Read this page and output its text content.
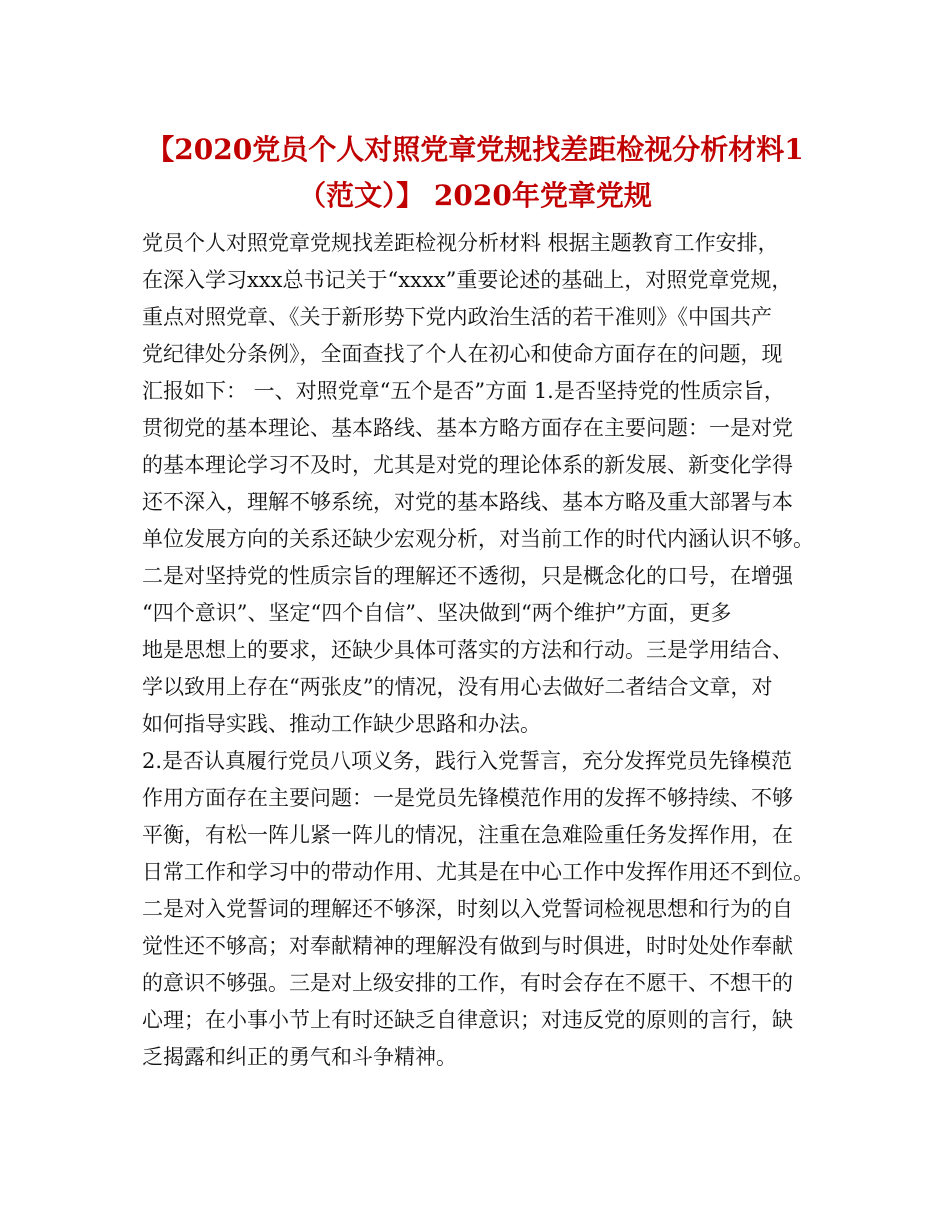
【2020党员个人对照党章党规找差距检视分析材料1
（范文）】 2020年党章党规
党员个人对照党章党规找差距检视分析材料 根据主题教育工作安排，
在深入学习xxx总书记关于“xxxx”重要论述的基础上，对照党章党规，
重点对照党章、《关于新形势下党内政治生活的若干准则》《中国共产
党纪律处分条例》，全面查找了个人在初心和使命方面存在的问题，现
汇报如下： 一、对照党章“五个是否”方面 1.是否坚持党的性质宗旨，
贯彻党的基本理论、基本路线、基本方略方面存在主要问题：一是对党
的基本理论学习不及时，尤其是对党的理论体系的新发展、新变化学得
还不深入，理解不够系统，对党的基本路线、基本方略及重大部署与本
单位发展方向的关系还缺少宏观分析，对当前工作的时代内涵认识不够。
二是对坚持党的性质宗旨的理解还不透彻，只是概念化的口号，在增强
“四个意识”、坚定“四个自信”、坚决做到“两个维护”方面，更多
地是思想上的要求，还缺少具体可落实的方法和行动。三是学用结合、
学以致用上存在“两张皮”的情况，没有用心去做好二者结合文章，对
如何指导实践、推动工作缺少思路和办法。
2.是否认真履行党员八项义务，践行入党誓言，充分发挥党员先锋模范
作用方面存在主要问题：一是党员先锋模范作用的发挥不够持续、不够
平衡，有松一阵儿紧一阵儿的情况，注重在急难险重任务发挥作用，在
日常工作和学习中的带动作用、尤其是在中心工作中发挥作用还不到位。
二是对入党誓词的理解还不够深，时刻以入党誓词检视思想和行为的自
觉性还不够高；对奉献精神的理解没有做到与时俱进，时时处处作奉献
的意识不够强。三是对上级安排的工作，有时会存在不愿干、不想干的
心理；在小事小节上有时还缺乏自律意识；对违反党的原则的言行，缺
乏揭露和纠正的勇气和斗争精神。
